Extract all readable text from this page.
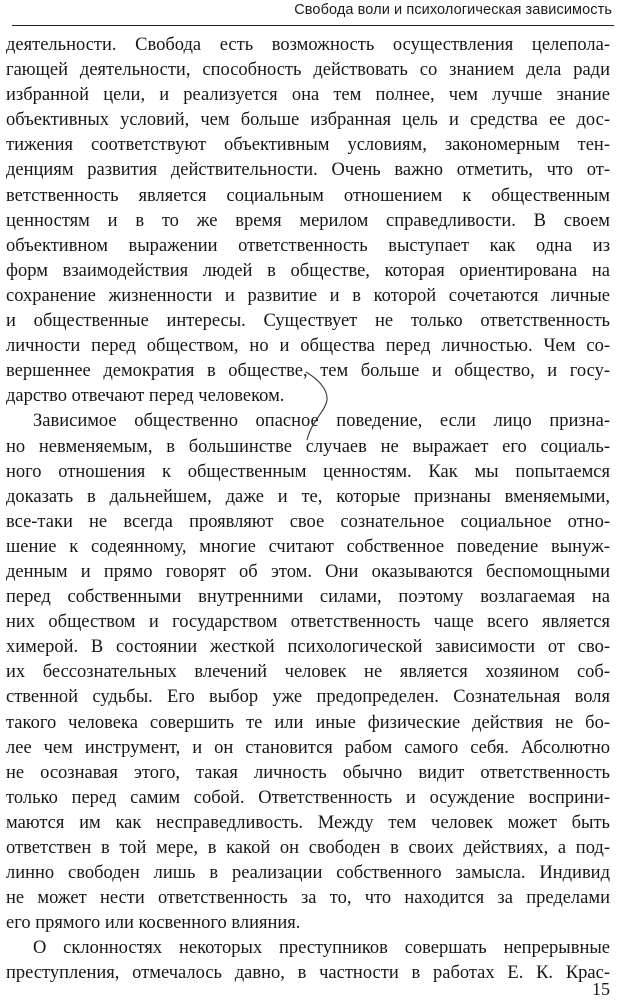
Свобода воли и психологическая зависимость

деятельности. Свобода есть возможность осуществления целепола-
гающей деятельности, способность действовать со знанием дела ради
избранной цели, и реализуется она тем полнее, чем лучше знание
объективных условий, чем больше избранная цель и средства ее дос-
тижения соответствуют объективным условиям, закономерным тен-
денциям развития действительности. Очень важно отметить, что от-
ветственность является социальным отношением к общественным
ценностям и в то же время мерилом справедливости. В своем
объективном выражении ответственность выступает как одна из
форм взаимодействия людей в обществе, которая ориентирована на
сохранение жизненности и развитие и в которой сочетаются личные
и общественные интересы. Существует не только ответственность
личности перед обществом, но и общества перед личностью. Чем со-
вершеннее демократия в обществе, тем больше и общество, и госу-
дарство отвечают перед человеком.

Зависимое общественно опасное поведение, если лицо призна-
но невменяемым, в большинстве случаев не выражает его социаль-
ного отношения к общественным ценностям. Как мы попытаемся
доказать в дальнейшем, даже и те, которые признаны вменяемыми,
все-таки не всегда проявляют свое сознательное социальное отно-
шение к содеянному, многие считают собственное поведение вынуж-
денным и прямо говорят об этом. Они оказываются беспомощными
перед собственными внутренними силами, поэтому возлагаемая на
них обществом и государством ответственность чаще всего является
химерой. В состоянии жесткой психологической зависимости от сво-
их бессознательных влечений человек не является хозяином соб-
ственной судьбы. Его выбор уже предопределен. Сознательная воля
такого человека совершить те или иные физические действия не бо-
лее чем инструмент, и он становится рабом самого себя. Абсолютно
не осознавая этого, такая личность обычно видит ответственность
только перед самим собой. Ответственность и осуждение восприни-
маются им как несправедливость. Между тем человек может быть
ответствен в той мере, в какой он свободен в своих действиях, а под-
линно свободен лишь в реализации собственного замысла. Индивид
не может нести ответственность за то, что находится за пределами
его прямого или косвенного влияния.

О склонностях некоторых преступников совершать непрерывные
преступления, отмечалось давно, в частности в работах Е. К. Крас-

15
